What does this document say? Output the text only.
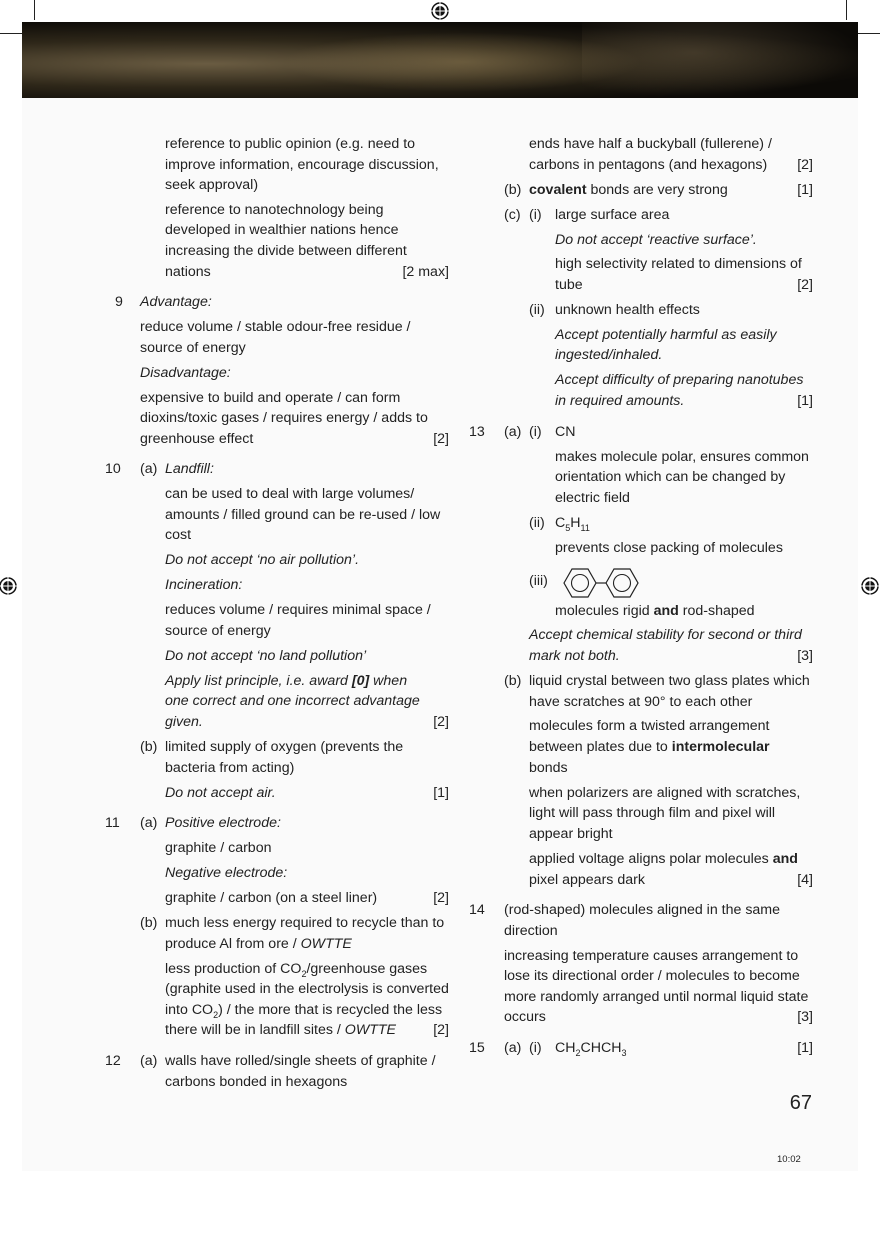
reference to public opinion (e.g. need to
improve information, encourage discussion,
seek approval)
reference to nanotechnology being
developed in wealthier nations hence
increasing the divide between different
nations	[2 max]
9 Advantage:
reduce volume / stable odour-free residue /
source of energy
Disadvantage:
expensive to build and operate / can form
dioxins/toxic gases / requires energy / adds to
greenhouse effect	[2]
10 (a) Landfill:
can be used to deal with large volumes/
amounts / filled ground can be re-used / low
cost
Do not accept ‘no air pollution’.
Incineration:
reduces volume / requires minimal space /
source of energy
Do not accept ‘no land pollution’
Apply list principle, i.e. award [0] when
one correct and one incorrect advantage
given.	[2]
(b) limited supply of oxygen (prevents the
bacteria from acting)
Do not accept air.	[1]
11 (a) Positive electrode:
graphite / carbon
Negative electrode:
graphite / carbon (on a steel liner)	[2]
(b) much less energy required to recycle than to
produce Al from ore / OWTTE
less production of $CO_2$/greenhouse gases
(graphite used in the electrolysis is converted
into $CO_2$) / the more that is recycled the less
there will be in landfill sites / OWTTE	[2]
12 (a) walls have rolled/single sheets of graphite /
carbons bonded in hexagons
ends have half a buckyball (fullerene) /
carbons in pentagons (and hexagons) [2]
(b) covalent bonds are very strong	[1]
(c) (i) large surface area
Do not accept ‘reactive surface’.
high selectivity related to dimensions of
tube	[2]
(ii) unknown health effects
Accept potentially harmful as easily
ingested/inhaled.
Accept difficulty of preparing nanotubes
in required amounts.	[1]
13 (a) (i) CN
makes molecule polar, ensures common
orientation which can be changed by
electric field
(ii) $C_5H_{11}$
prevents close packing of molecules
(iii)
molecules rigid and rod-shaped
Accept chemical stability for second or third
mark not both.	[3]
(b) liquid crystal between two glass plates which
have scratches at 90° to each other
molecules form a twisted arrangement
between plates due to intermolecular
bonds
when polarizers are aligned with scratches,
light will pass through film and pixel will
appear bright
applied voltage aligns polar molecules and
pixel appears dark	[4]
14 (rod-shaped) molecules aligned in the same
direction
increasing temperature causes arrangement to
lose its directional order / molecules to become
more randomly arranged until normal liquid state
occurs	[3]
15 (a) (i) $CH_2CHCH_3$	[1]
67
10:02
